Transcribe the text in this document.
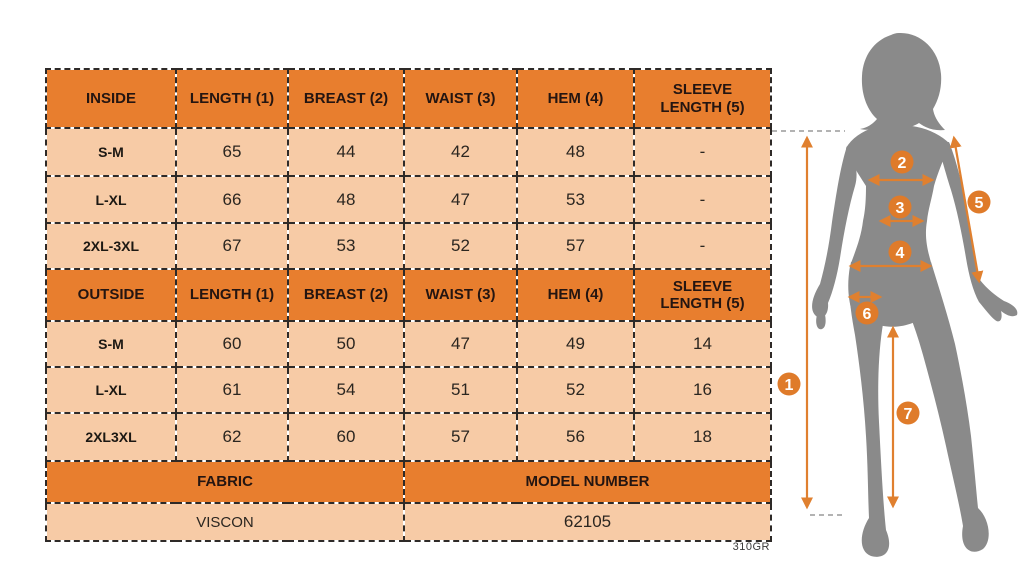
INSIDE	LENGTH (1)	BREAST (2)	WAIST (3)	HEM (4)	SLEEVE LENGTH (5)
S-M	65	44	42	48	-
L-XL	66	48	47	53	-
2XL-3XL	67	53	52	57	-
OUTSIDE	LENGTH (1)	BREAST (2)	WAIST (3)	HEM (4)	SLEEVE LENGTH (5)
S-M	60	50	47	49	14
L-XL	61	54	51	52	16
2XL3XL	62	60	57	56	18
FABRIC			MODEL NUMBER		
VISCON			62105		
310GR
1
2
3
4
5
6
7
